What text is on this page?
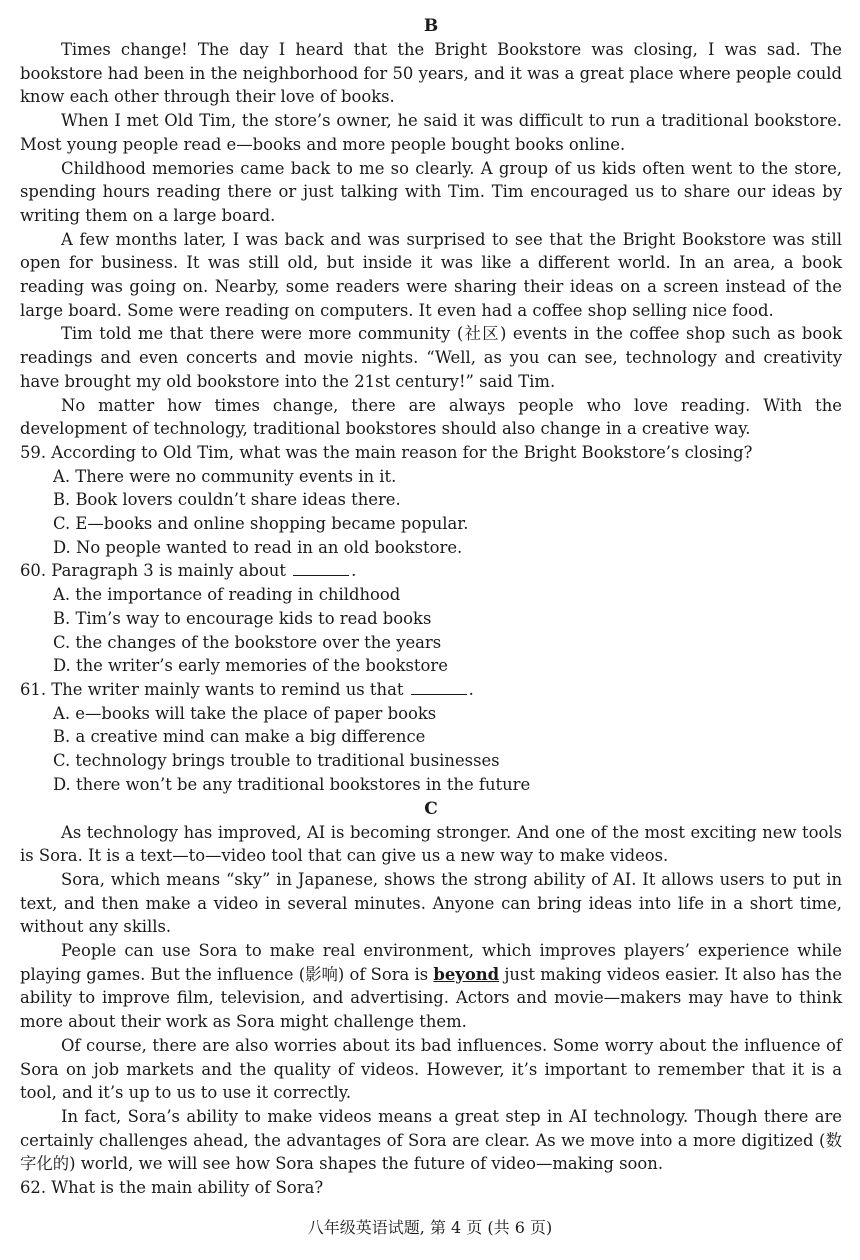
B

Times change! The day I heard that the Bright Bookstore was closing, I was sad. The bookstore had been in the neighborhood for 50 years, and it was a great place where people could know each other through their love of books.

When I met Old Tim, the store’s owner, he said it was difficult to run a traditional bookstore. Most young people read e—books and more people bought books online.

Childhood memories came back to me so clearly. A group of us kids often went to the store, spending hours reading there or just talking with Tim. Tim encouraged us to share our ideas by writing them on a large board.

A few months later, I was back and was surprised to see that the Bright Bookstore was still open for business. It was still old, but inside it was like a different world. In an area, a book reading was going on. Nearby, some readers were sharing their ideas on a screen instead of the large board. Some were reading on computers. It even had a coffee shop selling nice food.

Tim told me that there were more community (社区) events in the coffee shop such as book readings and even concerts and movie nights. “Well, as you can see, technology and creativity have brought my old bookstore into the 21st century!” said Tim.

No matter how times change, there are always people who love reading. With the development of technology, traditional bookstores should also change in a creative way.

59. According to Old Tim, what was the main reason for the Bright Bookstore’s closing?

A. There were no community events in it.

B. Book lovers couldn’t share ideas there.

C. E—books and online shopping became popular.

D. No people wanted to read in an old bookstore.

60. Paragraph 3 is mainly about	.

A. the importance of reading in childhood

B. Tim’s way to encourage kids to read books

C. the changes of the bookstore over the years

D. the writer’s early memories of the bookstore

61. The writer mainly wants to remind us that	.

A. e—books will take the place of paper books

B. a creative mind can make a big difference

C. technology brings trouble to traditional businesses

D. there won’t be any traditional bookstores in the future

C

As technology has improved, AI is becoming stronger. And one of the most exciting new tools is Sora. It is a text—to—video tool that can give us a new way to make videos.

Sora, which means “sky” in Japanese, shows the strong ability of AI. It allows users to put in text, and then make a video in several minutes. Anyone can bring ideas into life in a short time, without any skills.

People can use Sora to make real environment, which improves players’ experience while playing games. But the influence (影响) of Sora is beyond just making videos easier. It also has the ability to improve film, television, and advertising. Actors and movie—makers may have to think more about their work as Sora might challenge them.

Of course, there are also worries about its bad influences. Some worry about the influence of Sora on job markets and the quality of videos. However, it’s important to remember that it is a tool, and it’s up to us to use it correctly.

In fact, Sora’s ability to make videos means a great step in AI technology. Though there are certainly challenges ahead, the advantages of Sora are clear. As we move into a more digitized (数字化的) world, we will see how Sora shapes the future of video—making soon.

62. What is the main ability of Sora?

八年级英语试题, 第 4 页 (共 6 页)
